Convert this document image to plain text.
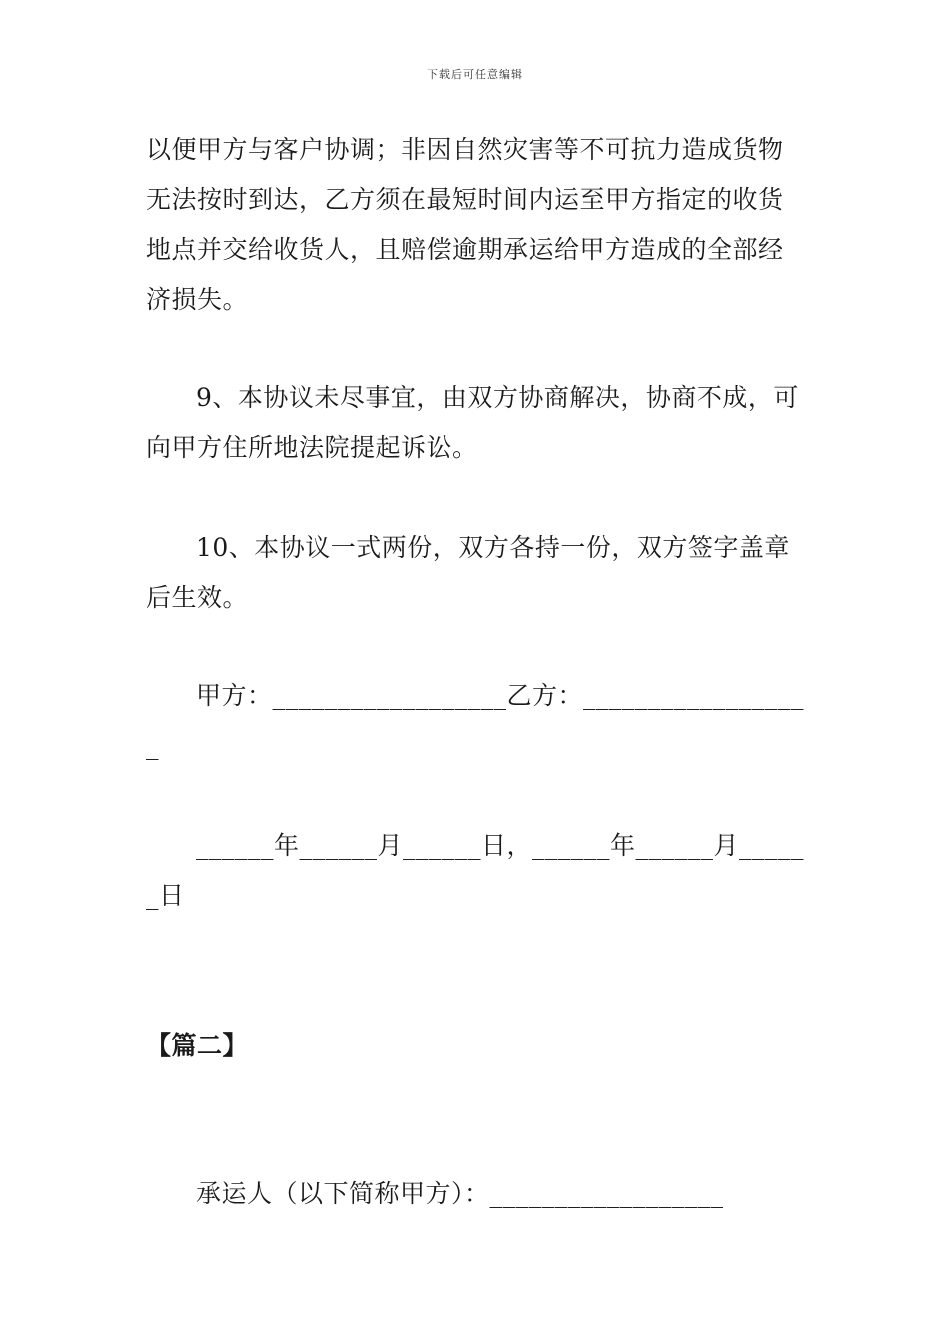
下载后可任意编辑
以便甲方与客户协调；非因自然灾害等不可抗力造成货物
无法按时到达，乙方须在最短时间内运至甲方指定的收货
地点并交给收货人，且赔偿逾期承运给甲方造成的全部经
济损失。
9、本协议未尽事宜，由双方协商解决，协商不成，可
向甲方住所地法院提起诉讼。
10、本协议一式两份，双方各持一份，双方签字盖章
后生效。
甲方：__________________乙方：_________________
_
______年______月______日，______年______月_____
_日
【篇二】
承运人（以下简称甲方）：__________________
